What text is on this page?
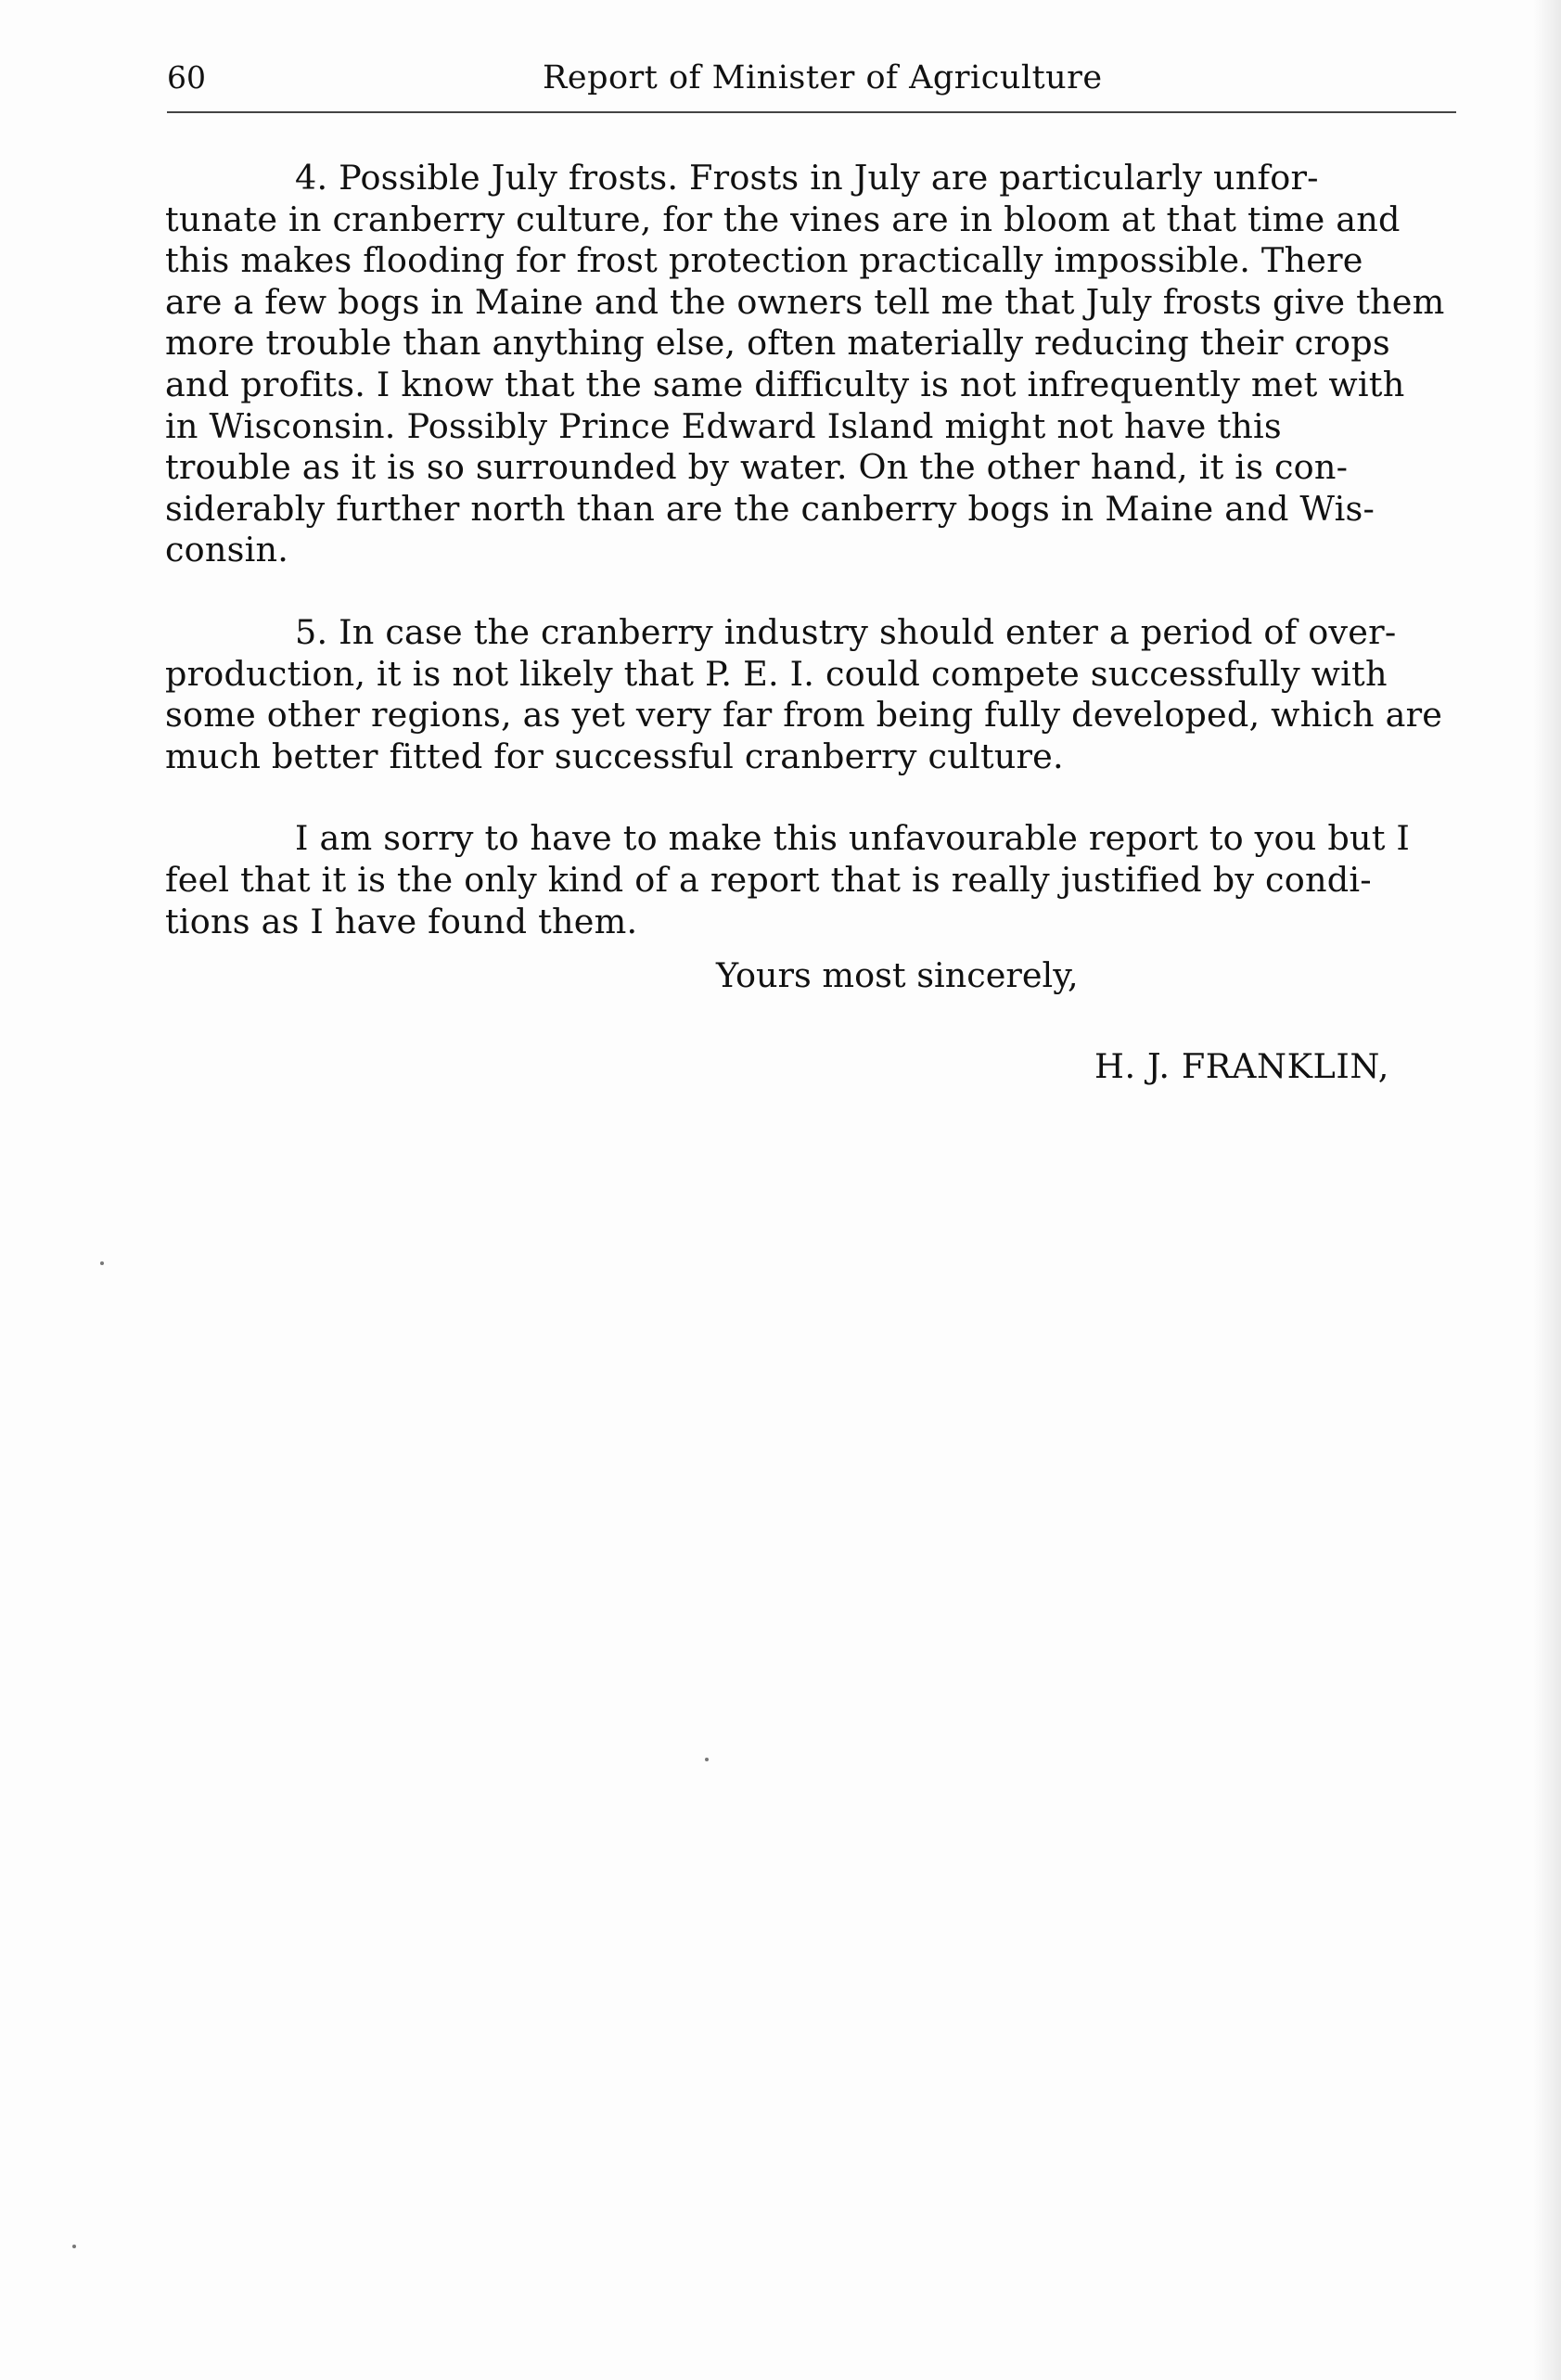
60	Report of Minister of Agriculture
4. Possible July frosts. Frosts in July are particularly unfor-
tunate in cranberry culture, for the vines are in bloom at that time and
this makes flooding for frost protection practically impossible. There
are a few bogs in Maine and the owners tell me that July frosts give them
more trouble than anything else, often materially reducing their crops
and profits. I know that the same difficulty is not infrequently met with
in Wisconsin. Possibly Prince Edward Island might not have this
trouble as it is so surrounded by water. On the other hand, it is con-
siderably further north than are the canberry bogs in Maine and Wis-
consin.
5. In case the cranberry industry should enter a period of over-
production, it is not likely that P. E. I. could compete successfully with
some other regions, as yet very far from being fully developed, which are
much better fitted for successful cranberry culture.
I am sorry to have to make this unfavourable report to you but I
feel that it is the only kind of a report that is really justified by condi-
tions as I have found them.
Yours most sincerely,
H. J. FRANKLIN,
